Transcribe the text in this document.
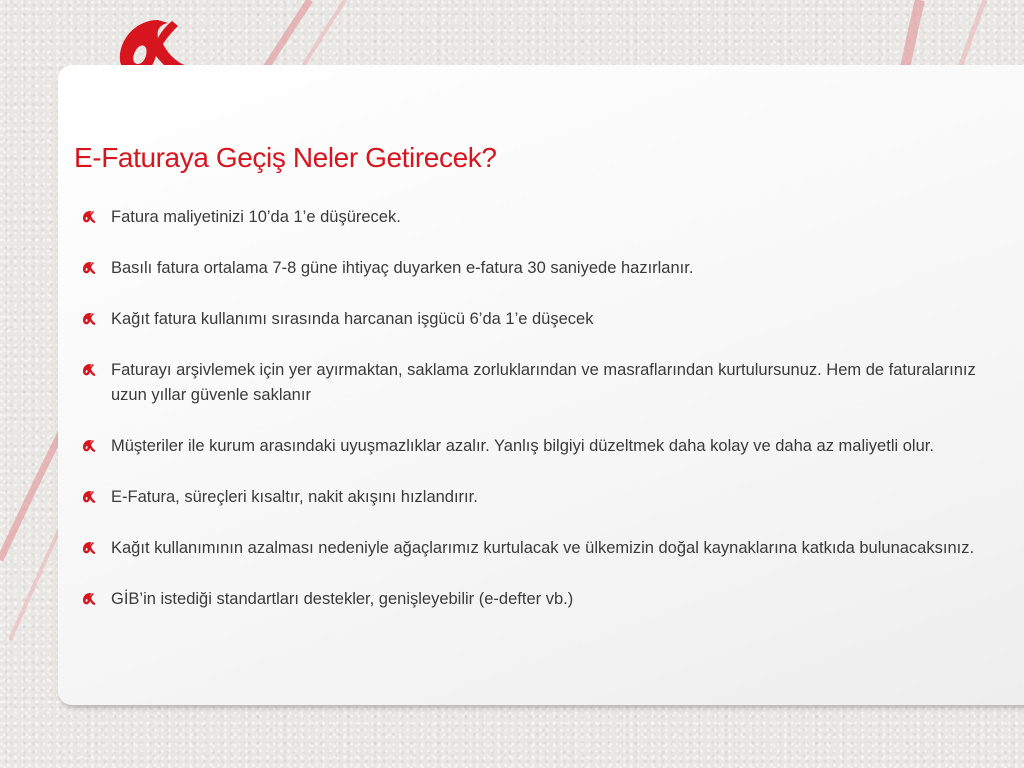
E-Faturaya Geçiş Neler Getirecek?
Fatura maliyetinizi 10’da 1’e düşürecek.
Basılı fatura ortalama 7-8 güne ihtiyaç duyarken e-fatura 30 saniyede hazırlanır.
Kağıt fatura kullanımı sırasında harcanan işgücü 6’da 1’e düşecek
Faturayı arşivlemek için yer ayırmaktan, saklama zorluklarından ve masraflarından kurtulursunuz. Hem de faturalarınız uzun yıllar güvenle saklanır
Müşteriler ile kurum arasındaki uyuşmazlıklar azalır. Yanlış bilgiyi düzeltmek daha kolay ve daha az maliyetli olur.
E-Fatura, süreçleri kısaltır, nakit akışını hızlandırır.
Kağıt kullanımının azalması nedeniyle ağaçlarımız kurtulacak ve ülkemizin doğal kaynaklarına katkıda bulunacaksınız.
GİB’in istediği standartları destekler, genişleyebilir (e-defter vb.)
